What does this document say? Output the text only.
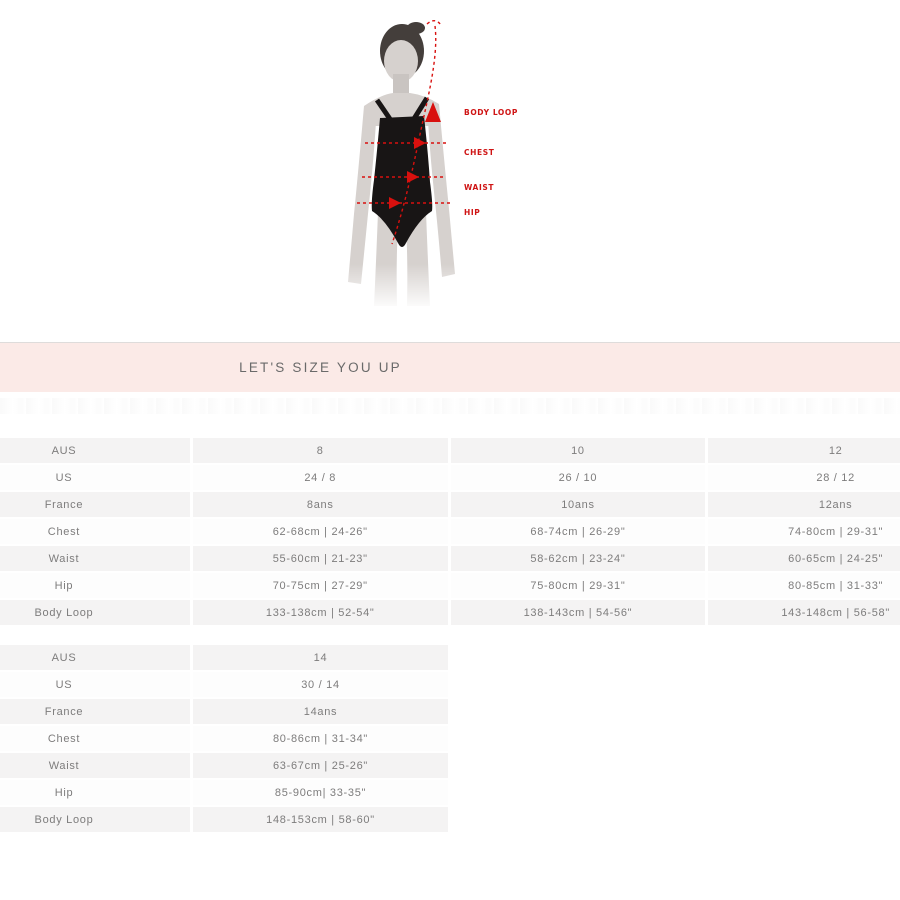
BODY LOOP
CHEST
WAIST
HIP
LET'S SIZE YOU UP
AUS	8	10	12
US	24 / 8	26 / 10	28 / 12
France	8ans	10ans	12ans
Chest	62-68cm | 24-26"	68-74cm | 26-29"	74-80cm | 29-31"
Waist	55-60cm | 21-23"	58-62cm | 23-24"	60-65cm | 24-25"
Hip	70-75cm | 27-29"	75-80cm | 29-31"	80-85cm | 31-33"
Body Loop	133-138cm | 52-54"	138-143cm | 54-56"	143-148cm | 56-58"
AUS	14
US	30 / 14
France	14ans
Chest	80-86cm | 31-34"
Waist	63-67cm | 25-26"
Hip	85-90cm| 33-35"
Body Loop	148-153cm | 58-60"
